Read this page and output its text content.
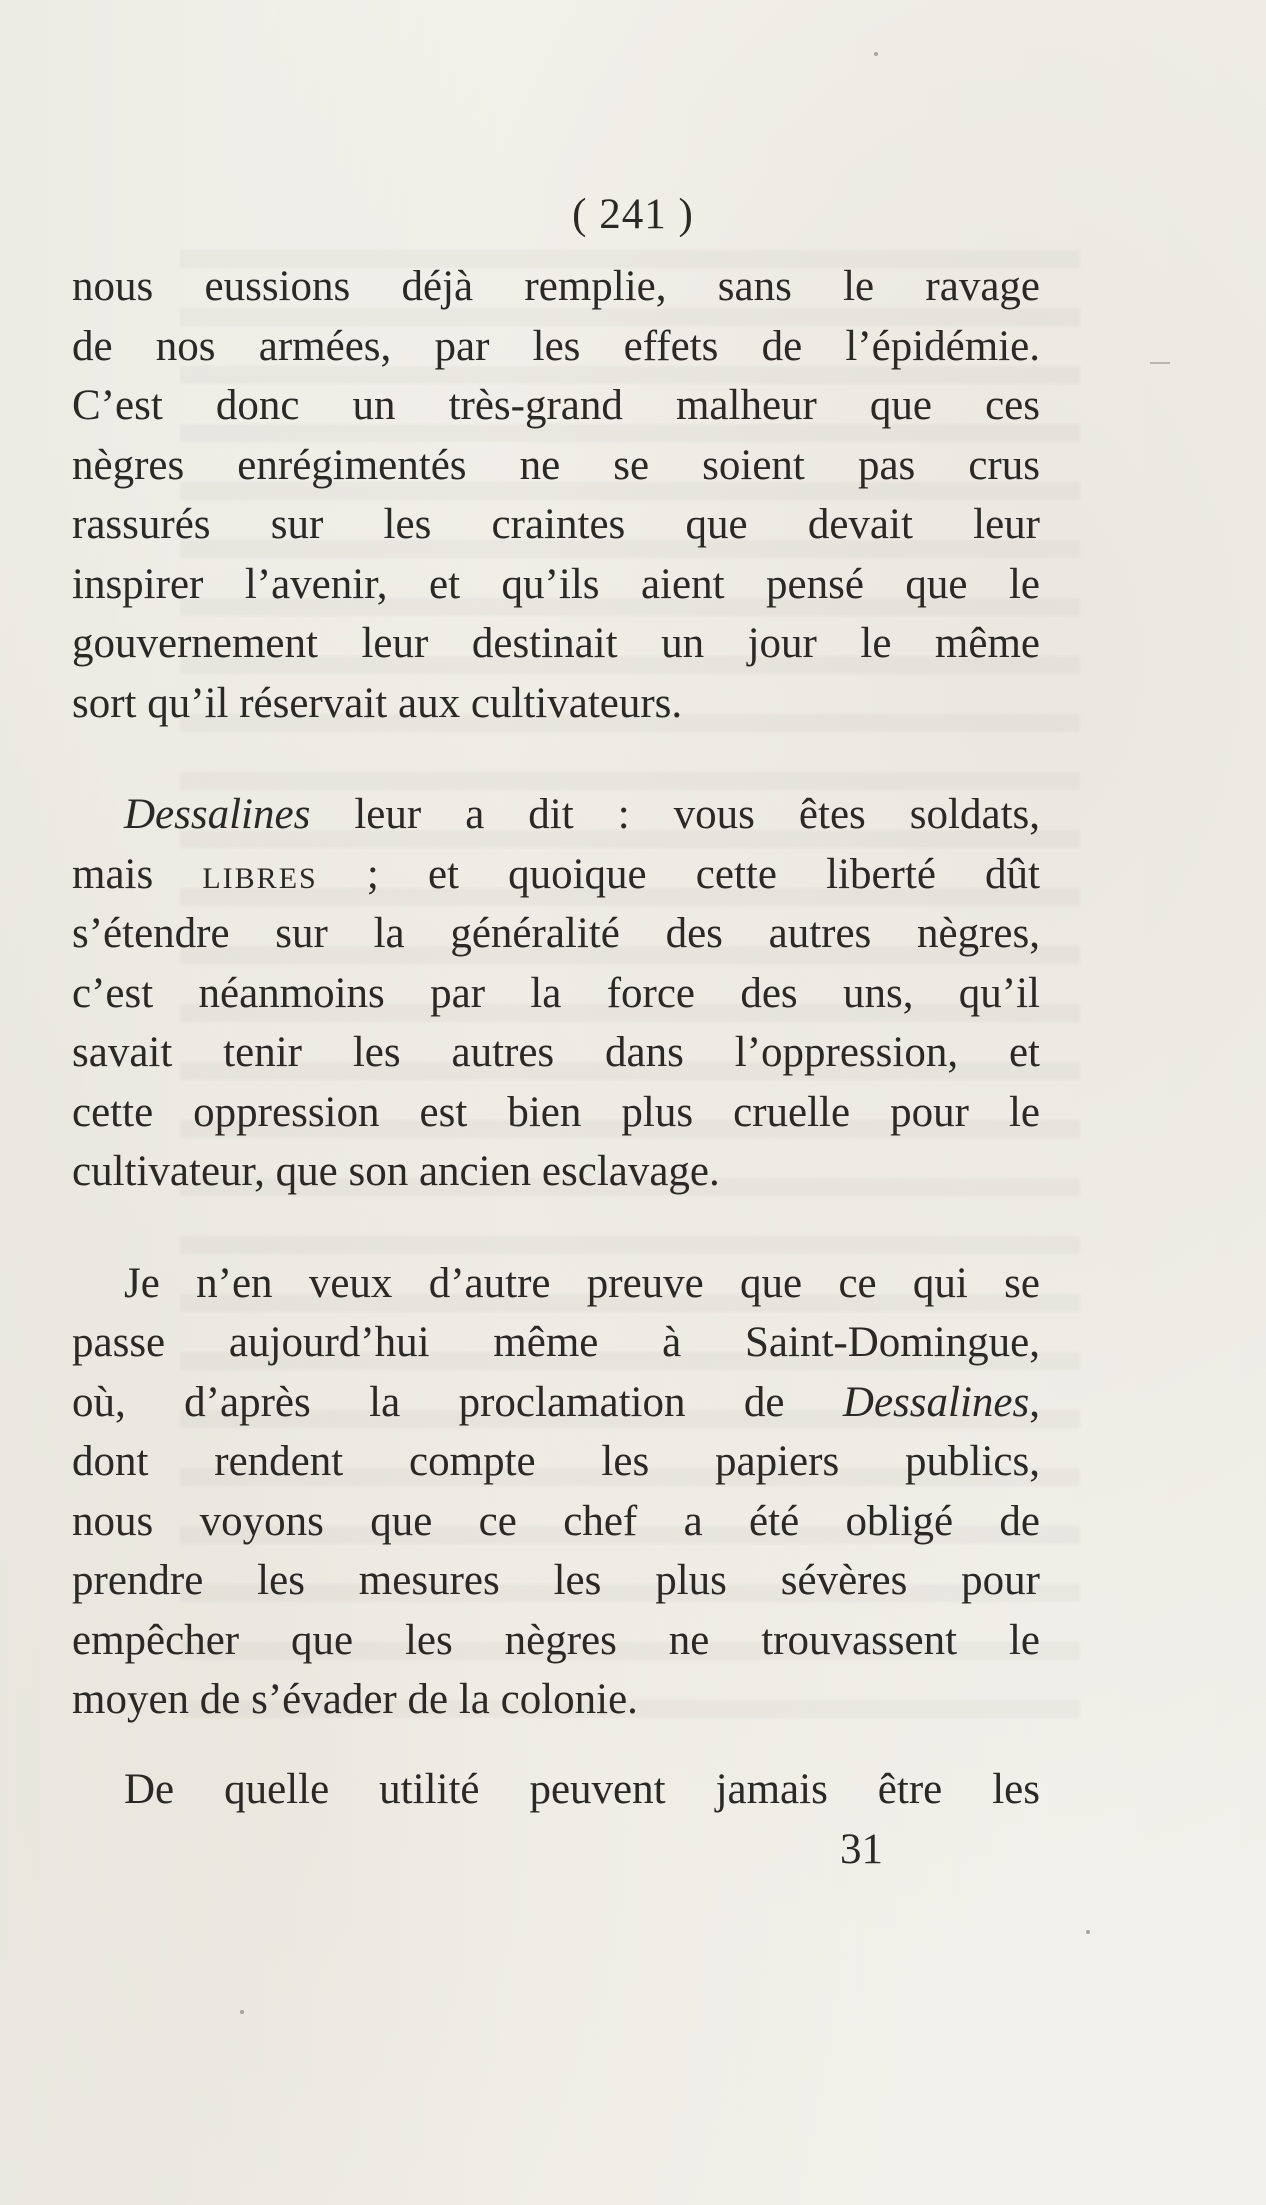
( 241 )
nous eussions déjà remplie, sans le ravage
de nos armées, par les effets de l’épidémie.
C’est donc un très-grand malheur que ces
nègres enrégimentés ne se soient pas crus
rassurés sur les craintes que devait leur
inspirer l’avenir, et qu’ils aient pensé que le
gouvernement leur destinait un jour le même
sort qu’il réservait aux cultivateurs.
Dessalines leur a dit : vous êtes soldats,
mais libres ; et quoique cette liberté dût
s’étendre sur la généralité des autres nègres,
c’est néanmoins par la force des uns, qu’il
savait tenir les autres dans l’oppression, et
cette oppression est bien plus cruelle pour le
cultivateur, que son ancien esclavage.
Je n’en veux d’autre preuve que ce qui se
passe aujourd’hui même à Saint-Domingue,
où, d’après la proclamation de Dessalines,
dont rendent compte les papiers publics,
nous voyons que ce chef a été obligé de
prendre les mesures les plus sévères pour
empêcher que les nègres ne trouvassent le
moyen de s’évader de la colonie.
De quelle utilité peuvent jamais être les
31
